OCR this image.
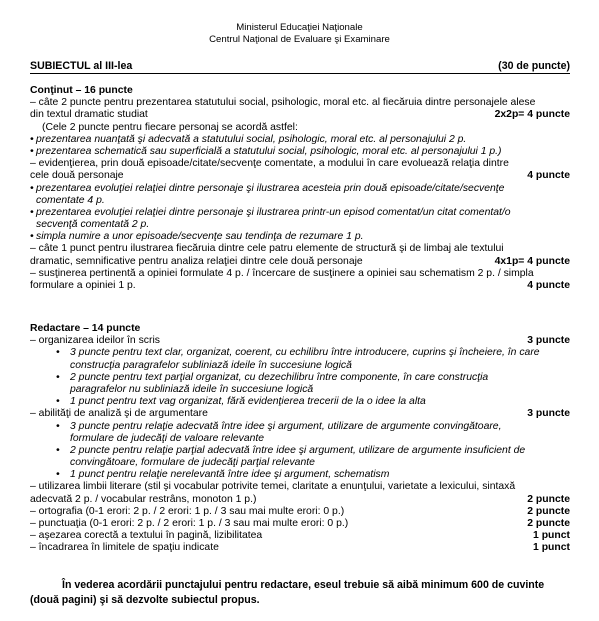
Ministerul Educaţiei Naţionale
Centrul Naţional de Evaluare şi Examinare
SUBIECTUL al III-lea	(30 de puncte)
Conţinut – 16 puncte
– câte 2 puncte pentru prezentarea statutului social, psihologic, moral etc. al fiecăruia dintre personajele alese
din textul dramatic studiat	2x2p= 4 puncte
(Cele 2 puncte pentru fiecare personaj se acordă astfel:
• prezentarea nuanţată şi adecvată a statutului social, psihologic, moral etc. al personajului 2 p.
• prezentarea schematică sau superficială a statutului social, psihologic, moral etc. al personajului 1 p.)
– evidenţierea, prin două episoade/citate/secvenţe comentate, a modului în care evoluează relaţia dintre
cele două personaje	4 puncte
• prezentarea evoluţiei relaţiei dintre personaje şi ilustrarea acesteia prin două episoade/citate/secvenţe
comentate 4 p.
• prezentarea evoluţiei relaţiei dintre personaje şi ilustrarea printr-un episod comentat/un citat comentat/o
secvenţă comentată 2 p.
• simpla numire a unor episoade/secvenţe sau tendinţa de rezumare 1 p.
– câte 1 punct pentru ilustrarea fiecăruia dintre cele patru elemente de structură şi de limbaj ale textului
dramatic, semnificative pentru analiza relaţiei dintre cele două personaje	4x1p= 4 puncte
– susţinerea pertinentă a opiniei formulate 4 p. / încercare de susţinere a opiniei sau schematism 2 p. / simpla
formulare a opiniei 1 p.	4 puncte
Redactare – 14 puncte
– organizarea ideilor în scris	3 puncte
• 3 puncte pentru text clar, organizat, coerent, cu echilibru între introducere, cuprins şi încheiere, în care
construcţia paragrafelor subliniază ideile în succesiune logică
• 2 puncte pentru text parţial organizat, cu dezechilibru între componente, în care construcţia
paragrafelor nu subliniază ideile în succesiune logică
• 1 punct pentru text vag organizat, fără evidenţierea trecerii de la o idee la alta
– abilităţi de analiză şi de argumentare	3 puncte
• 3 puncte pentru relaţie adecvată între idee şi argument, utilizare de argumente convingătoare,
formulare de judecăţi de valoare relevante
• 2 puncte pentru relaţie parţial adecvată între idee şi argument, utilizare de argumente insuficient de
convingătoare, formulare de judecăţi parţial relevante
• 1 punct pentru relaţie nerelevantă între idee şi argument, schematism
– utilizarea limbii literare (stil şi vocabular potrivite temei, claritate a enunţului, varietate a lexicului, sintaxă
adecvată 2 p. / vocabular restrâns, monoton 1 p.)	2 puncte
– ortografia (0-1 erori: 2 p. / 2 erori: 1 p. / 3 sau mai multe erori: 0 p.)	2 puncte
– punctuaţia (0-1 erori: 2 p. / 2 erori: 1 p. / 3 sau mai multe erori: 0 p.)	2 puncte
– aşezarea corectă a textului în pagină, lizibilitatea	1 punct
– încadrarea în limitele de spaţiu indicate	1 punct
În vederea acordării punctajului pentru redactare, eseul trebuie să aibă minimum 600 de cuvinte
(două pagini) şi să dezvolte subiectul propus.
